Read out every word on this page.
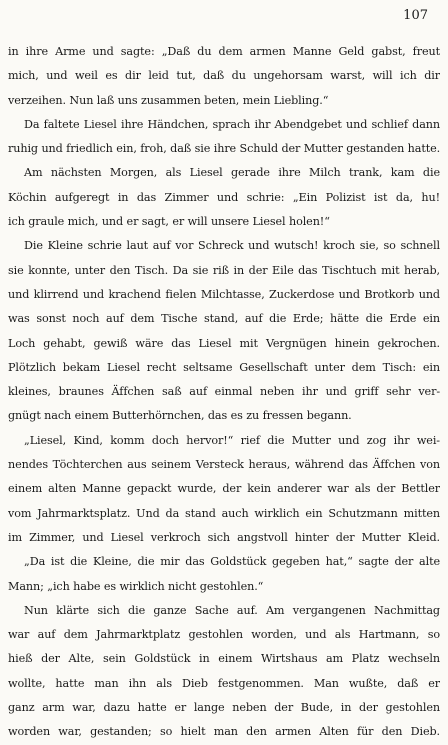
107
in ihre Arme und sagte: „Daß du dem armen Manne Geld gabst, freut
mich, und weil es dir leid tut, daß du ungehorsam warst, will ich dir
verzeihen. Nun laß uns zusammen beten, mein Liebling.“
Da faltete Liesel ihre Händchen, sprach ihr Abendgebet und schlief dann
ruhig und friedlich ein, froh, daß sie ihre Schuld der Mutter gestanden hatte.
Am nächsten Morgen, als Liesel gerade ihre Milch trank, kam die
Köchin aufgeregt in das Zimmer und schrie: „Ein Polizist ist da, hu!
ich graule mich, und er sagt, er will unsere Liesel holen!“
Die Kleine schrie laut auf vor Schreck und wutsch! kroch sie, so schnell
sie konnte, unter den Tisch. Da sie riß in der Eile das Tischtuch mit herab,
und klirrend und krachend fielen Milchtasse, Zuckerdose und Brotkorb und
was sonst noch auf dem Tische stand, auf die Erde; hätte die Erde ein
Loch gehabt, gewiß wäre das Liesel mit Vergnügen hinein gekrochen.
Plötzlich bekam Liesel recht seltsame Gesellschaft unter dem Tisch: ein
kleines, braunes Äffchen saß auf einmal neben ihr und griff sehr ver-
gnügt nach einem Butterhörnchen, das es zu fressen begann.
„Liesel, Kind, komm doch hervor!“ rief die Mutter und zog ihr wei-
nendes Töchterchen aus seinem Versteck heraus, während das Äffchen von
einem alten Manne gepackt wurde, der kein anderer war als der Bettler
vom Jahrmarktsplatz. Und da stand auch wirklich ein Schutzmann mitten
im Zimmer, und Liesel verkroch sich angstvoll hinter der Mutter Kleid.
„Da ist die Kleine, die mir das Goldstück gegeben hat,“ sagte der alte
Mann; „ich habe es wirklich nicht gestohlen.“
Nun klärte sich die ganze Sache auf. Am vergangenen Nachmittag
war auf dem Jahrmarktplatz gestohlen worden, und als Hartmann, so
hieß der Alte, sein Goldstück in einem Wirtshaus am Platz wechseln
wollte, hatte man ihn als Dieb festgenommen. Man wußte, daß er
ganz arm war, dazu hatte er lange neben der Bude, in der gestohlen
worden war, gestanden; so hielt man den armen Alten für den Dieb.
